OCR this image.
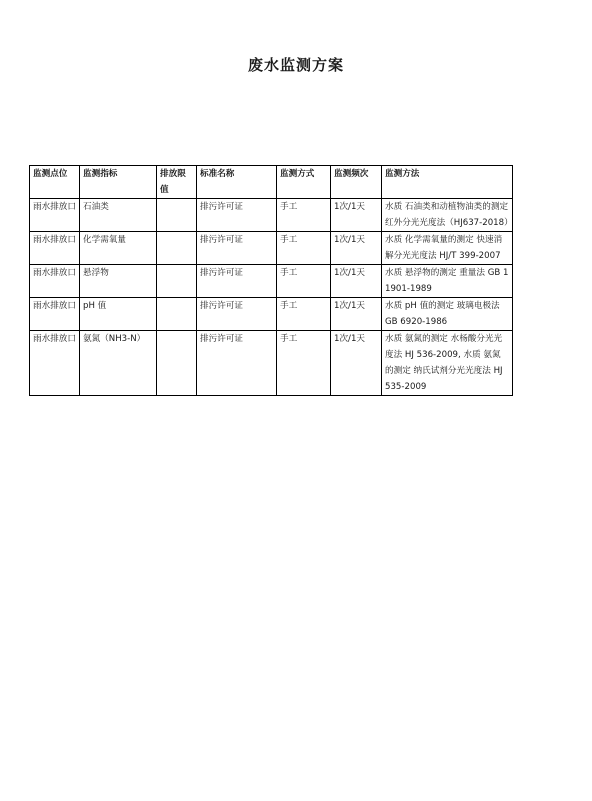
废水监测方案
监测点位	监测指标	排放限值	标准名称	监测方式	监测频次	监测方法
雨水排放口	石油类		排污许可证	手工	1次/1天	水质 石油类和动植物油类的测定 红外分光光度法（HJ637-2018）
雨水排放口	化学需氧量		排污许可证	手工	1次/1天	水质 化学需氧量的测定 快速消解分光光度法 HJ/T 399-2007
雨水排放口	悬浮物		排污许可证	手工	1次/1天	水质 悬浮物的测定 重量法 GB 11901-1989
雨水排放口	pH 值		排污许可证	手工	1次/1天	水质 pH 值的测定 玻璃电极法 GB 6920-1986
雨水排放口	氨氮（NH3-N）		排污许可证	手工	1次/1天	水质 氨氮的测定 水杨酸分光光度法 HJ 536-2009, 水质 氨氮的测定 纳氏试剂分光光度法 HJ 535-2009
